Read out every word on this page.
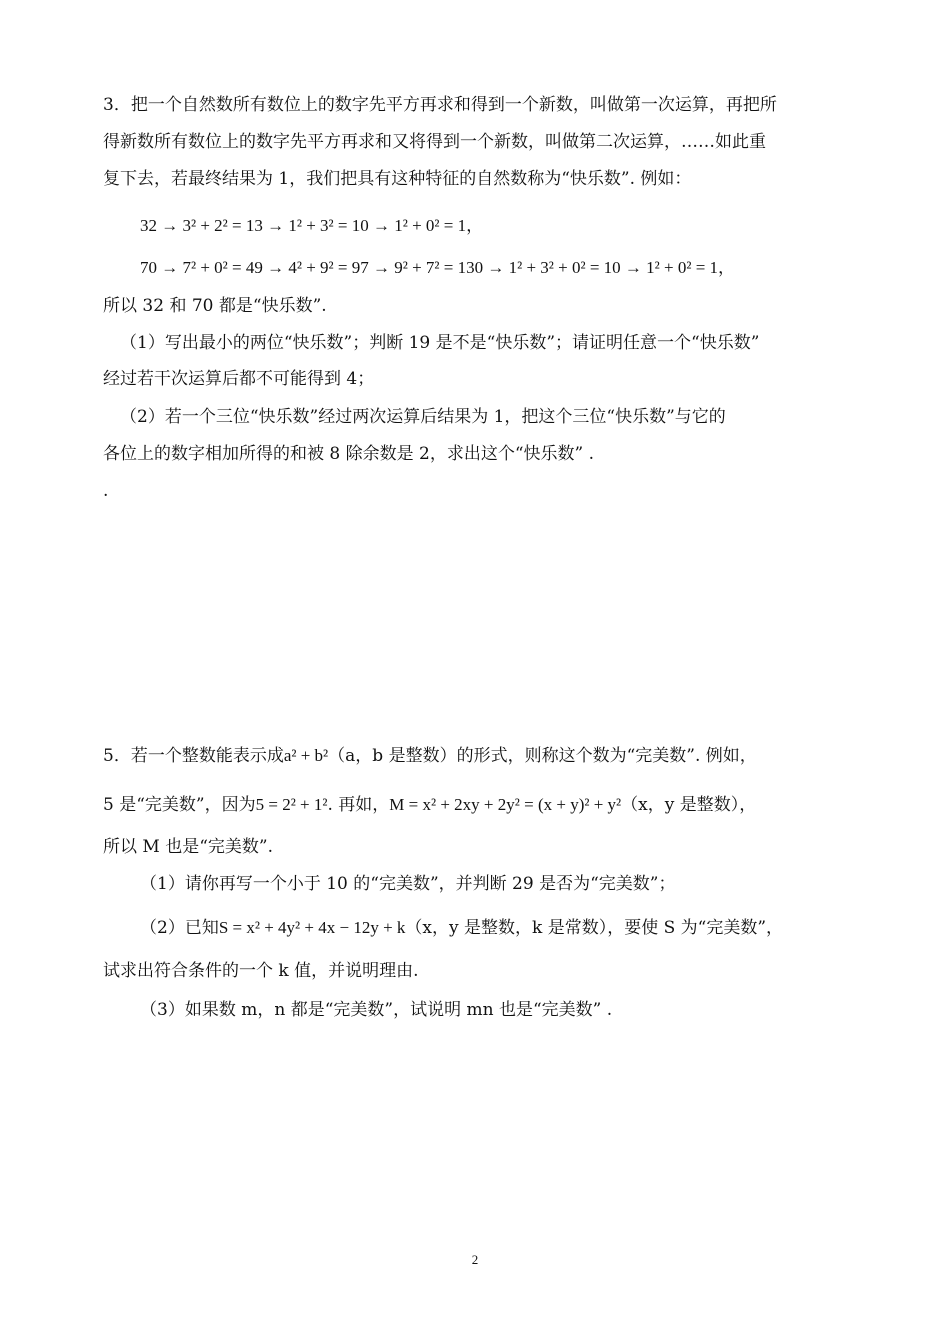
3．把一个自然数所有数位上的数字先平方再求和得到一个新数，叫做第一次运算，再把所
得新数所有数位上的数字先平方再求和又将得到一个新数，叫做第二次运算，……如此重
复下去，若最终结果为 1，我们把具有这种特征的自然数称为“快乐数”. 例如：
32 → 3² + 2² = 13 → 1² + 3² = 10 → 1² + 0² = 1，
70 → 7² + 0² = 49 → 4² + 9² = 97 → 9² + 7² = 130 → 1² + 3² + 0² = 10 → 1² + 0² = 1，
所以 32 和 70 都是“快乐数”.
（1）写出最小的两位“快乐数”；判断 19 是不是“快乐数”；请证明任意一个“快乐数”
经过若干次运算后都不可能得到 4；
（2）若一个三位“快乐数”经过两次运算后结果为 1，把这个三位“快乐数”与它的
各位上的数字相加所得的和被 8 除余数是 2，求出这个“快乐数” .
.
5．若一个整数能表示成a² + b²（a，b 是整数）的形式，则称这个数为“完美数”. 例如，
5 是“完美数”，因为5 = 2² + 1². 再如，M = x² + 2xy + 2y² = (x + y)² + y²（x，y 是整数），
所以 M 也是“完美数”.
（1）请你再写一个小于 10 的“完美数”，并判断 29 是否为“完美数”；
（2）已知S = x² + 4y² + 4x − 12y + k（x，y 是整数，k 是常数），要使 S 为“完美数”，
试求出符合条件的一个 k 值，并说明理由.
（3）如果数 m，n 都是“完美数”，试说明 mn 也是“完美数” .
2
